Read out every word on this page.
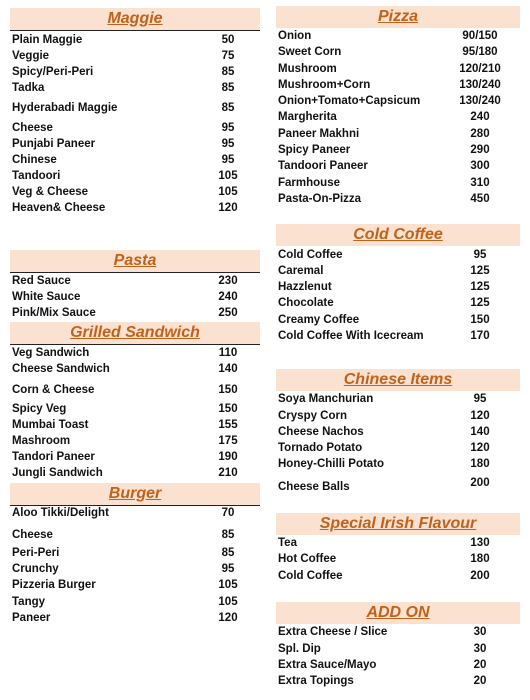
Maggie
Plain Maggie	50
Veggie	75
Spicy/Peri-Peri	85
Tadka	85
Hyderabadi Maggie	85
Cheese	95
Punjabi Paneer	95
Chinese	95
Tandoori	105
Veg & Cheese	105
Heaven& Cheese	120
Pasta
Red Sauce	230
White Sauce	240
Pink/Mix Sauce	250
Grilled Sandwich
Veg Sandwich	110
Cheese Sandwich	140
Corn & Cheese	150
Spicy Veg	150
Mumbai Toast	155
Mashroom	175
Tandori Paneer	190
Jungli Sandwich	210
Burger
Aloo Tikki/Delight	70
Cheese	85
Peri-Peri	85
Crunchy	95
Pizzeria Burger	105
Tangy	105
Paneer	120
Pizza
Onion	90/150
Sweet Corn	95/180
Mushroom	120/210
Mushroom+Corn	130/240
Onion+Tomato+Capsicum	130/240
Margherita	240
Paneer Makhni	280
Spicy Paneer	290
Tandoori Paneer	300
Farmhouse	310
Pasta-On-Pizza	450
Cold Coffee
Cold Coffee	95
Caremal	125
Hazzlenut	125
Chocolate	125
Creamy Coffee	150
Cold Coffee With Icecream	170
Chinese Items
Soya Manchurian	95
Cryspy Corn	120
Cheese Nachos	140
Tornado Potato	120
Honey-Chilli Potato	180
Cheese Balls	200
Special Irish Flavour
Tea	130
Hot Coffee	180
Cold Coffee	200
ADD ON
Extra Cheese / Slice	30
Spl. Dip	30
Extra Sauce/Mayo	20
Extra Topings	20
